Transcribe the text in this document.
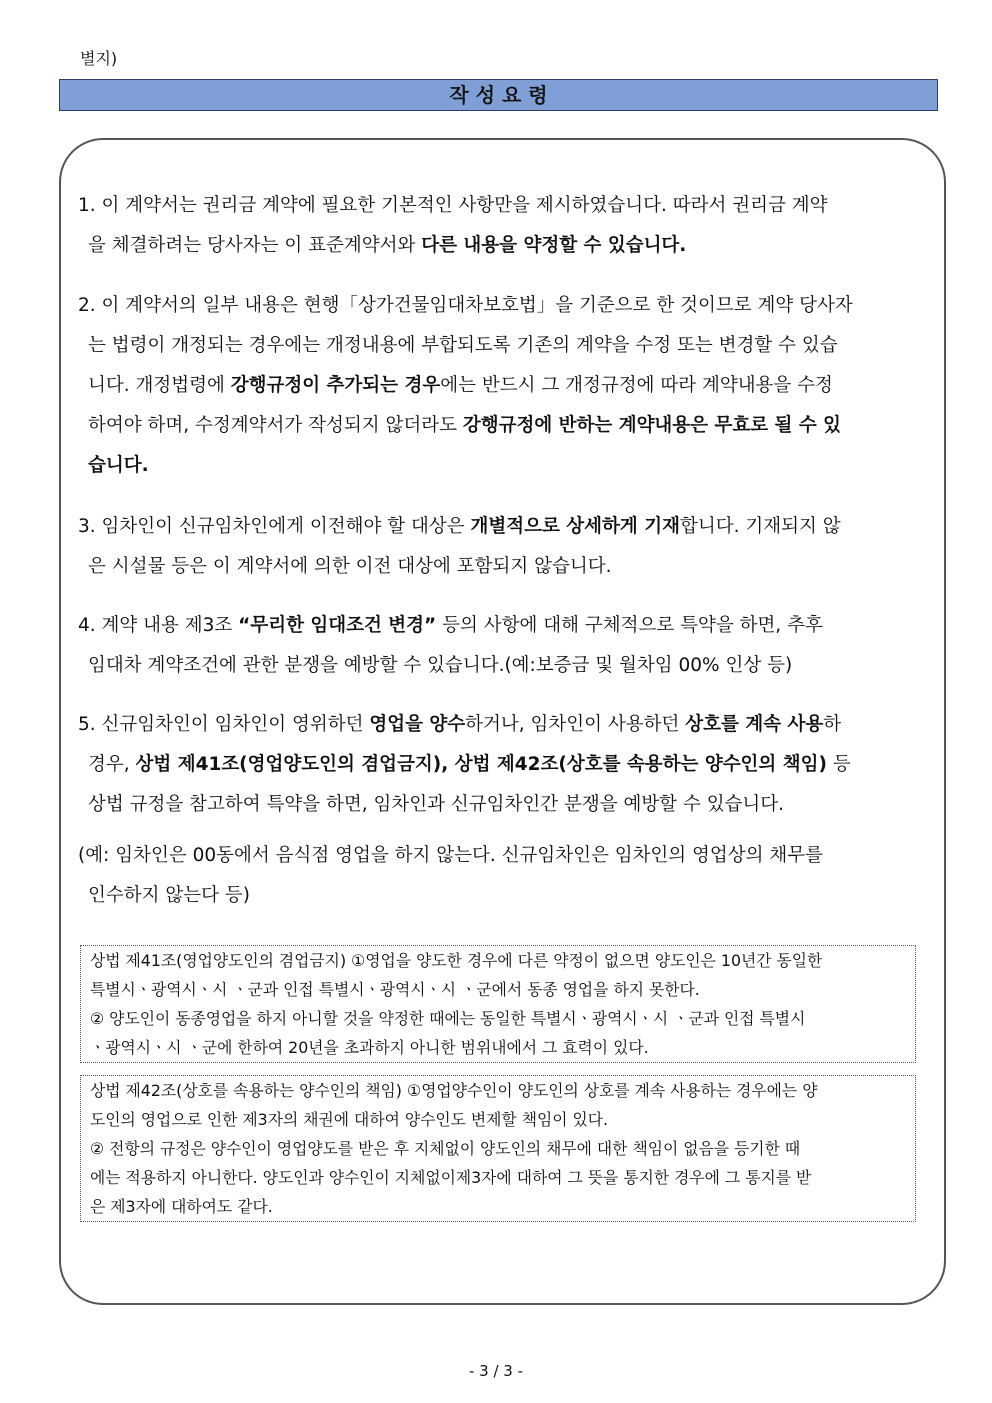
별지)
작 성 요 령

1. 이 계약서는 권리금 계약에 필요한 기본적인 사항만을 제시하였습니다. 따라서 권리금 계약

을 체결하려는 당사자는 이 표준계약서와 다른 내용을 약정할 수 있습니다.

2. 이 계약서의 일부 내용은 현행「상가건물임대차보호법」을 기준으로 한 것이므로 계약 당사자

는 법령이 개정되는 경우에는 개정내용에 부합되도록 기존의 계약을 수정 또는 변경할 수 있습

니다. 개정법령에 강행규정이 추가되는 경우에는 반드시 그 개정규정에 따라 계약내용을 수정

하여야 하며, 수정계약서가 작성되지 않더라도 강행규정에 반하는 계약내용은 무효로 될 수 있

습니다.

3. 임차인이 신규임차인에게 이전해야 할 대상은 개별적으로 상세하게 기재합니다. 기재되지 않

은 시설물 등은 이 계약서에 의한 이전 대상에 포함되지 않습니다.

4. 계약 내용 제3조 “무리한 임대조건 변경” 등의 사항에 대해 구체적으로 특약을 하면, 추후

임대차 계약조건에 관한 분쟁을 예방할 수 있습니다.(예:보증금 및 월차임 00% 인상 등)

5. 신규임차인이 임차인이 영위하던 영업을 양수하거나, 임차인이 사용하던 상호를 계속 사용하

경우, 상법 제41조(영업양도인의 겸업금지), 상법 제42조(상호를 속용하는 양수인의 책임) 등

상법 규정을 참고하여 특약을 하면, 임차인과 신규임차인간 분쟁을 예방할 수 있습니다.

(예: 임차인은 00동에서 음식점 영업을 하지 않는다. 신규임차인은 임차인의 영업상의 채무를

인수하지 않는다 등)

상법 제41조(영업양도인의 겸업금지) ①영업을 양도한 경우에 다른 약정이 없으면 양도인은 10년간 동일한

특별시ㆍ광역시ㆍ시 ㆍ군과 인접 특별시ㆍ광역시ㆍ시 ㆍ군에서 동종 영업을 하지 못한다.

② 양도인이 동종영업을 하지 아니할 것을 약정한 때에는 동일한 특별시ㆍ광역시ㆍ시 ㆍ군과 인접 특별시

ㆍ광역시ㆍ시 ㆍ군에 한하여 20년을 초과하지 아니한 범위내에서 그 효력이 있다.

상법 제42조(상호를 속용하는 양수인의 책임) ①영업양수인이 양도인의 상호를 계속 사용하는 경우에는 양

도인의 영업으로 인한 제3자의 채권에 대하여 양수인도 변제할 책임이 있다.

② 전항의 규정은 양수인이 영업양도를 받은 후 지체없이 양도인의 채무에 대한 책임이 없음을 등기한 때

에는 적용하지 아니한다. 양도인과 양수인이 지체없이제3자에 대하여 그 뜻을 통지한 경우에 그 통지를 받

은 제3자에 대하여도 같다.

- 3 / 3 -
